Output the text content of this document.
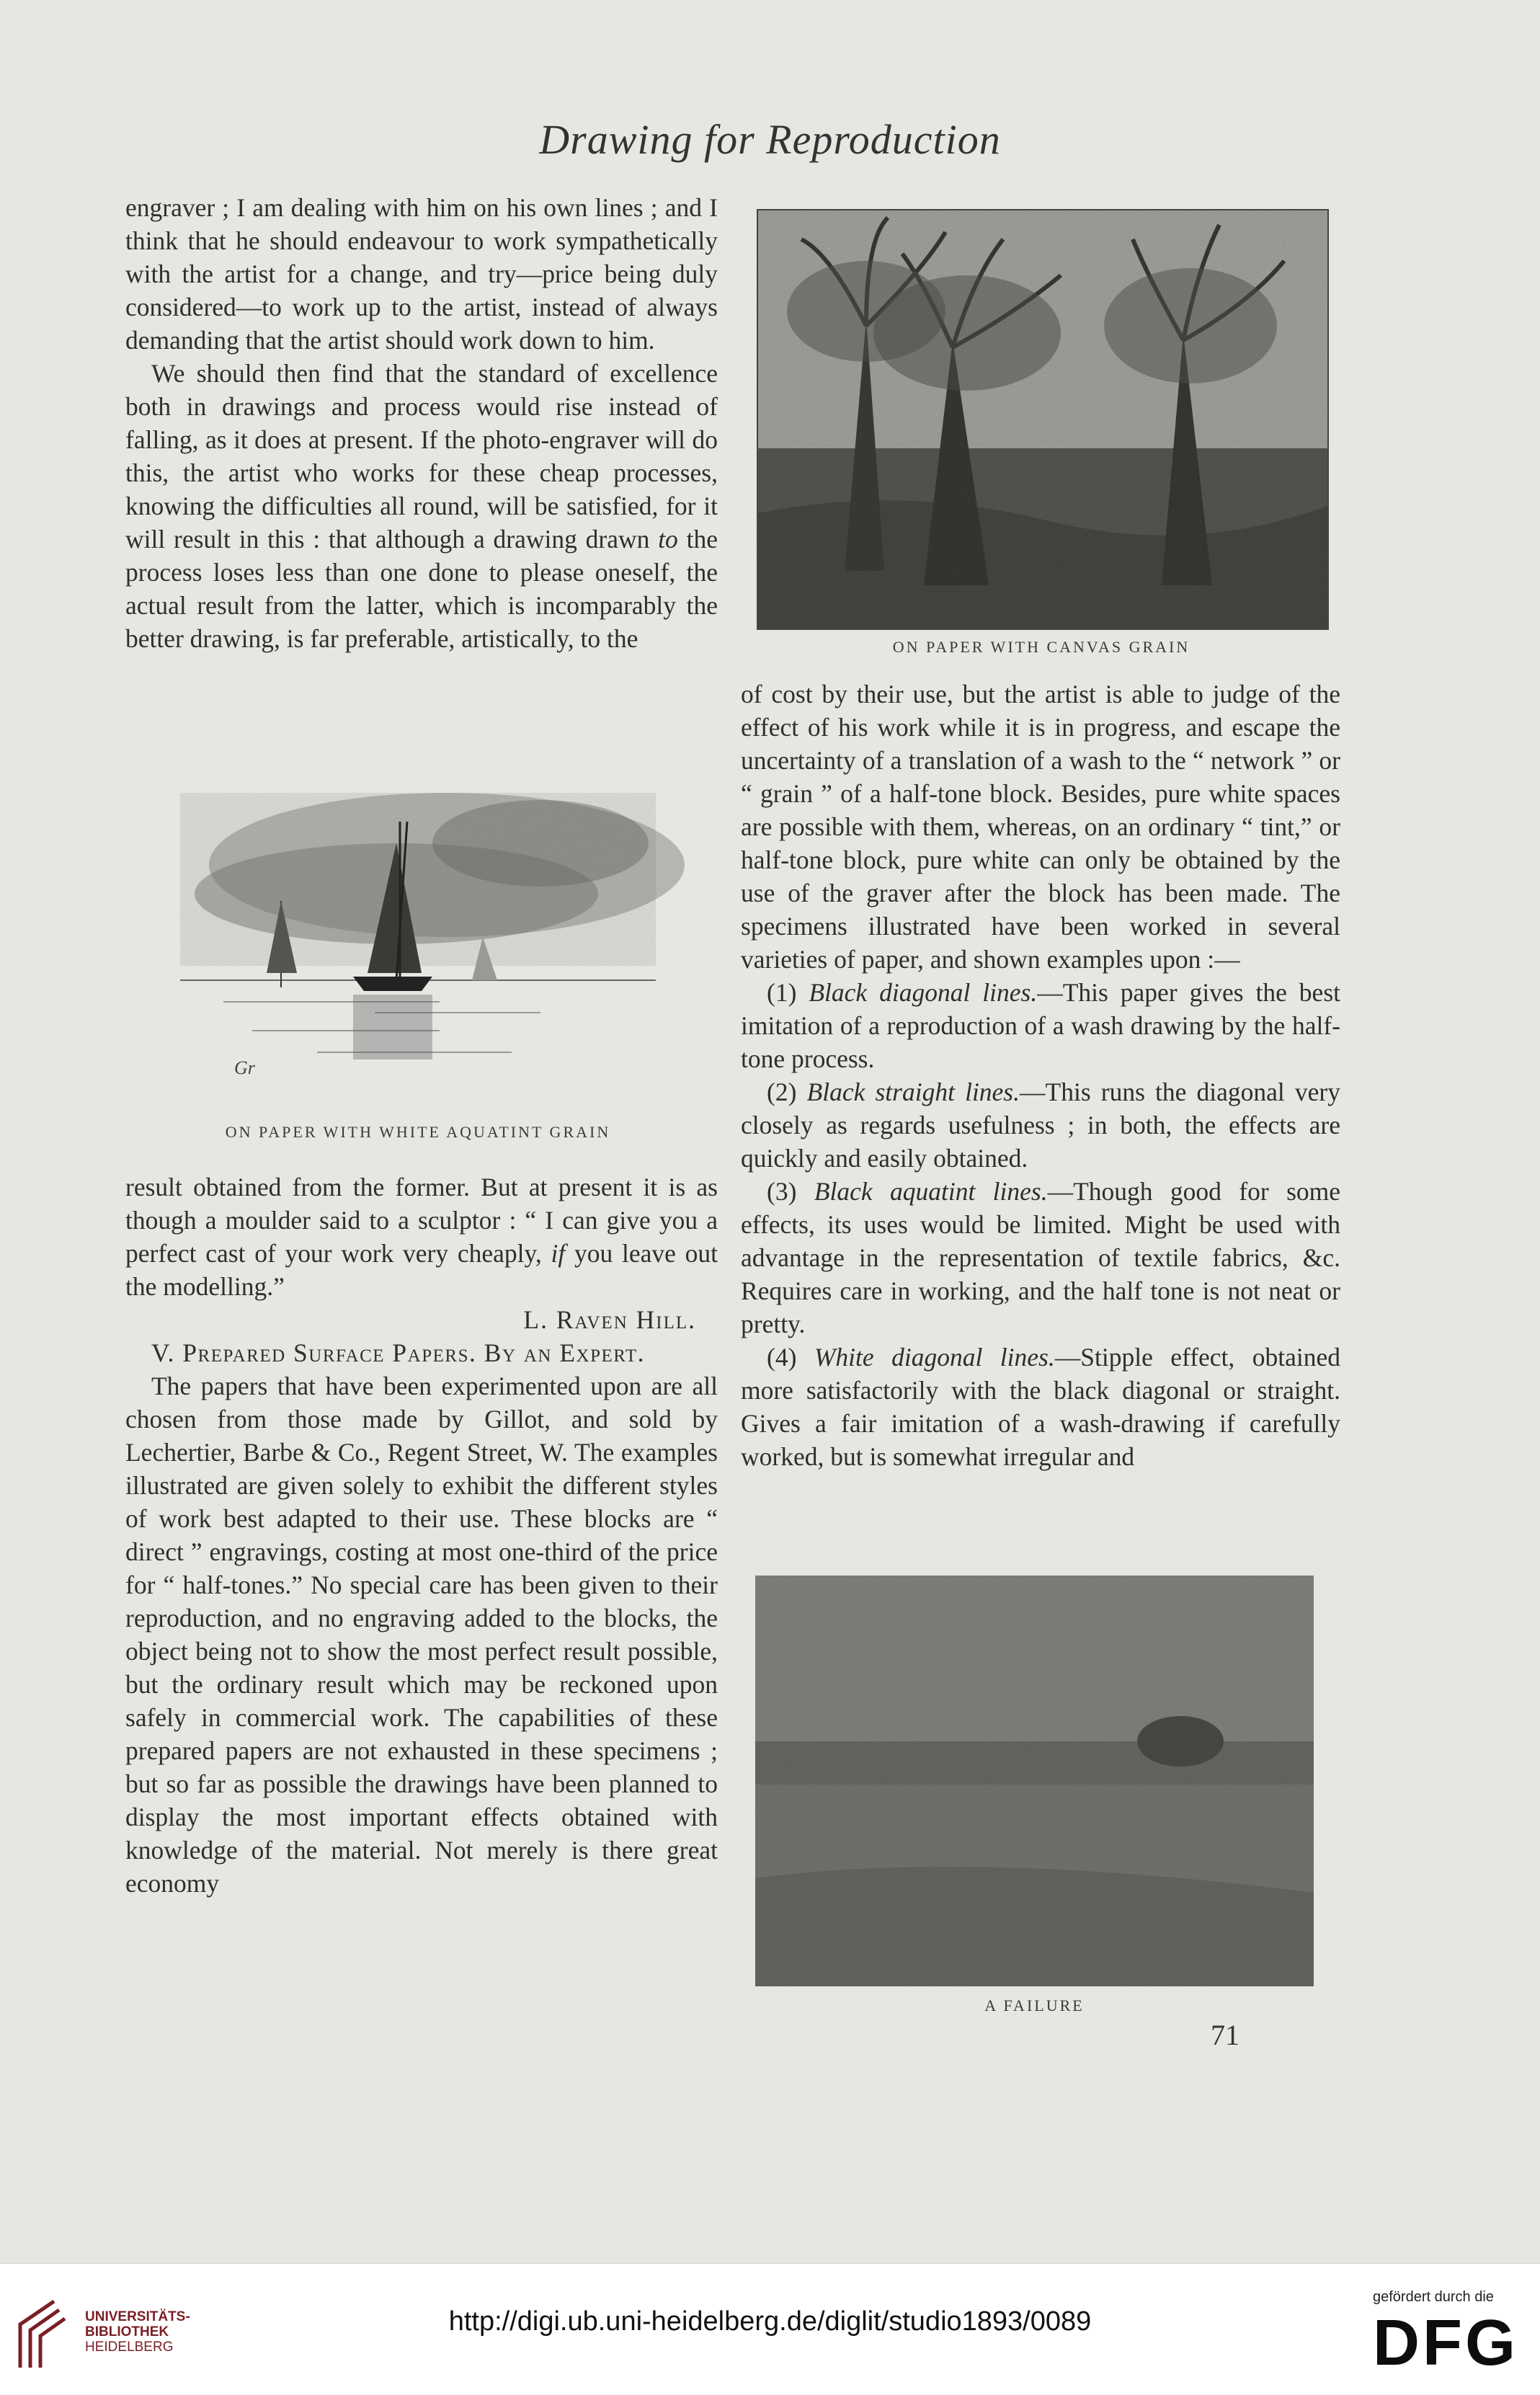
Drawing for Reproduction

engraver ; I am dealing with him on his own lines ; and I think that he should endeavour to work sympathetically with the artist for a change, and try—price being duly considered—to work up to the artist, instead of always demanding that the artist should work down to him.

We should then find that the standard of excellence both in drawings and process would rise instead of falling, as it does at present. If the photo-engraver will do this, the artist who works for these cheap processes, knowing the difficulties all round, will be satisfied, for it will result in this : that although a drawing drawn to the process loses less than one done to please oneself, the actual result from the latter, which is incomparably the better drawing, is far preferable, artistically, to the

Gr
ON PAPER WITH WHITE AQUATINT GRAIN

result obtained from the former. But at present it is as though a moulder said to a sculptor : “ I can give you a perfect cast of your work very cheaply, if you leave out the modelling.”

L. Raven Hill.

V. Prepared Surface Papers. By an Expert.

The papers that have been experimented upon are all chosen from those made by Gillot, and sold by Lechertier, Barbe & Co., Regent Street, W. The examples illustrated are given solely to exhibit the different styles of work best adapted to their use. These blocks are “ direct ” engravings, costing at most one-third of the price for “ half-tones.” No special care has been given to their reproduction, and no engraving added to the blocks, the object being not to show the most perfect result possible, but the ordinary result which may be reckoned upon safely in commercial work. The capabilities of these prepared papers are not exhausted in these specimens ; but so far as possible the drawings have been planned to display the most important effects obtained with knowledge of the material. Not merely is there great economy

ON PAPER WITH CANVAS GRAIN

of cost by their use, but the artist is able to judge of the effect of his work while it is in progress, and escape the uncertainty of a translation of a wash to the “ network ” or “ grain ” of a half-tone block. Besides, pure white spaces are possible with them, whereas, on an ordinary “ tint,” or half-tone block, pure white can only be obtained by the use of the graver after the block has been made. The specimens illustrated have been worked in several varieties of paper, and shown examples upon :—

(1) Black diagonal lines.—This paper gives the best imitation of a reproduction of a wash drawing by the half-tone process.

(2) Black straight lines.—This runs the diagonal very closely as regards usefulness ; in both, the effects are quickly and easily obtained.

(3) Black aquatint lines.—Though good for some effects, its uses would be limited. Might be used with advantage in the representation of textile fabrics, &c. Requires care in working, and the half tone is not neat or pretty.

(4) White diagonal lines.—Stipple effect, obtained more satisfactorily with the black diagonal or straight. Gives a fair imitation of a wash-drawing if carefully worked, but is somewhat irregular and

A FAILURE
71
UNIVERSITÄTS-
BIBLIOTHEK
HEIDELBERG
http://digi.ub.uni-heidelberg.de/diglit/studio1893/0089
gefördert durch die
DFG
